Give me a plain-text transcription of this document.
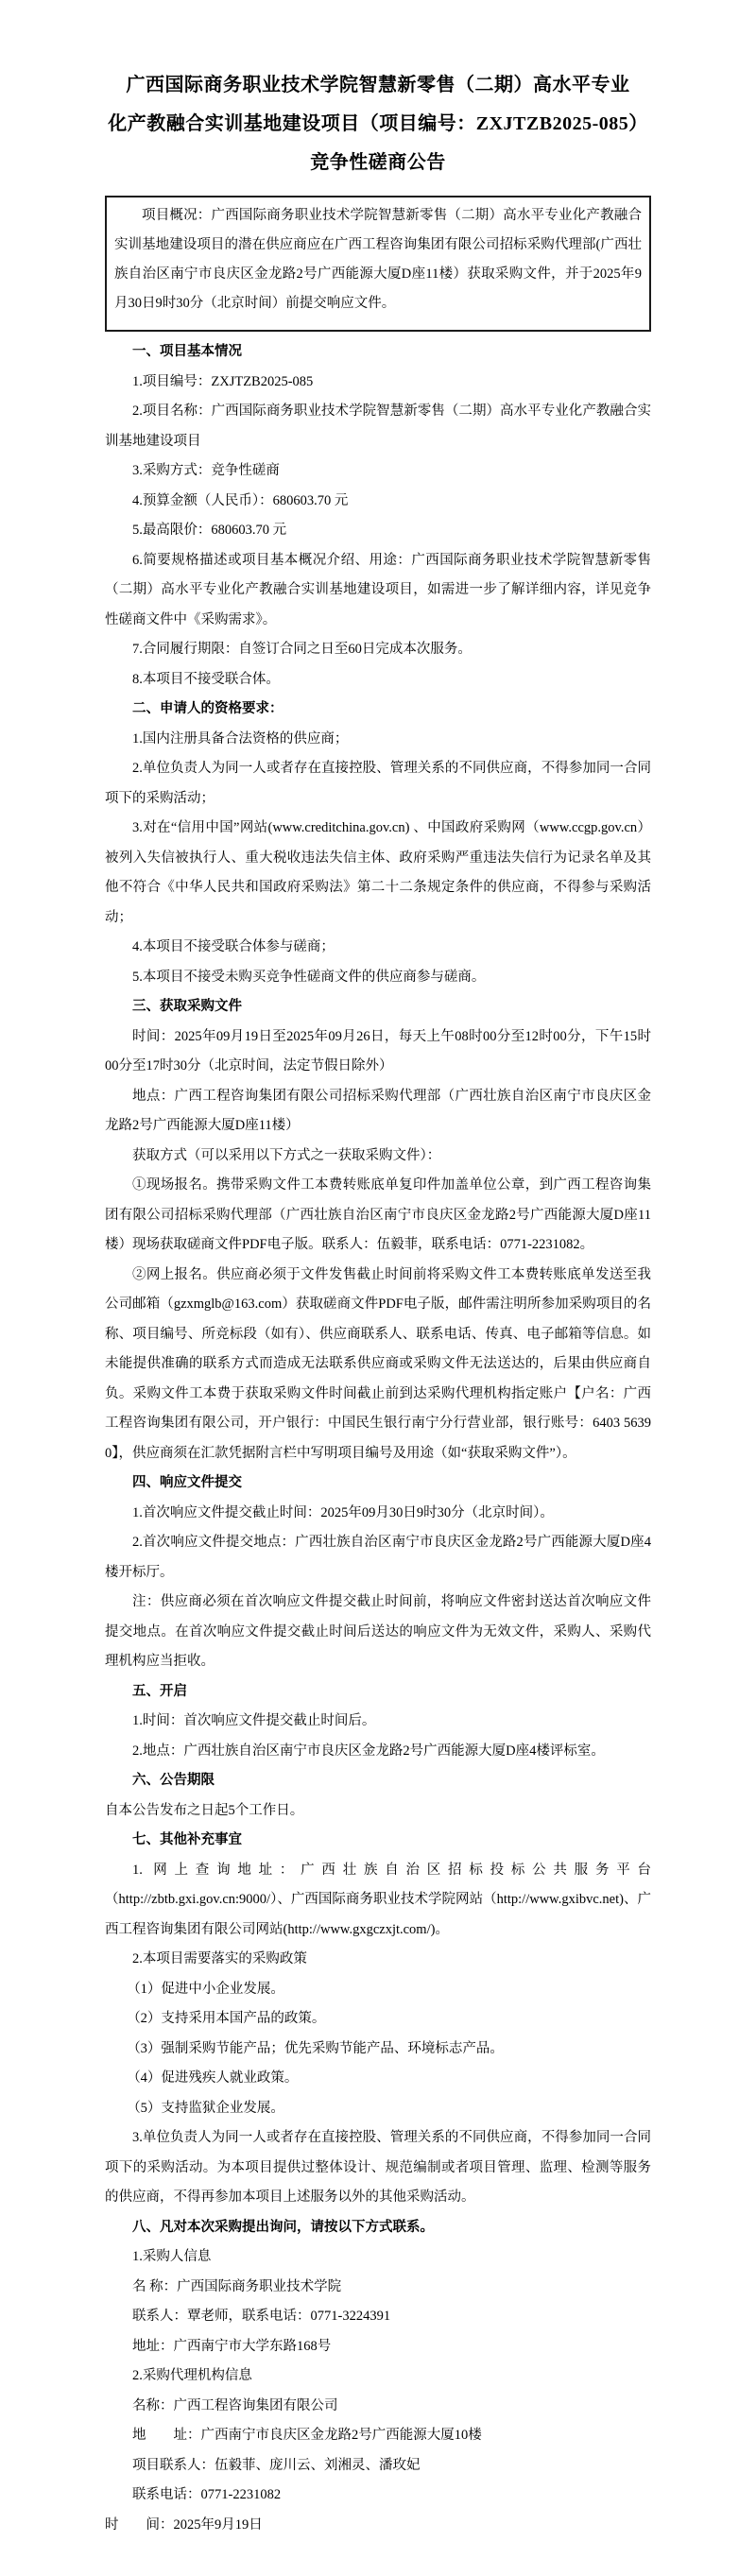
广西国际商务职业技术学院智慧新零售（二期）高水平专业
化产教融合实训基地建设项目（项目编号：ZXJTZB2025-085）
竞争性磋商公告

项目概况：广西国际商务职业技术学院智慧新零售（二期）高水平专业化产教融合实训基地建设项目的潜在供应商应在广西工程咨询集团有限公司招标采购代理部(广西壮族自治区南宁市良庆区金龙路2号广西能源大厦D座11楼）获取采购文件，并于2025年9月30日9时30分（北京时间）前提交响应文件。

一、项目基本情况

1.项目编号：ZXJTZB2025-085

2.项目名称：广西国际商务职业技术学院智慧新零售（二期）高水平专业化产教融合实训基地建设项目

3.采购方式：竞争性磋商

4.预算金额（人民币）：680603.70 元

5.最高限价：680603.70 元

6.简要规格描述或项目基本概况介绍、用途：广西国际商务职业技术学院智慧新零售（二期）高水平专业化产教融合实训基地建设项目，如需进一步了解详细内容，详见竞争性磋商文件中《采购需求》。

7.合同履行期限：自签订合同之日至60日完成本次服务。

8.本项目不接受联合体。

二、申请人的资格要求：

1.国内注册具备合法资格的供应商；

2.单位负责人为同一人或者存在直接控股、管理关系的不同供应商，不得参加同一合同项下的采购活动；

3.对在“信用中国”网站(www.creditchina.gov.cn) 、中国政府采购网（www.ccgp.gov.cn）被列入失信被执行人、重大税收违法失信主体、政府采购严重违法失信行为记录名单及其他不符合《中华人民共和国政府采购法》第二十二条规定条件的供应商，不得参与采购活动；

4.本项目不接受联合体参与磋商；

5.本项目不接受未购买竞争性磋商文件的供应商参与磋商。

三、获取采购文件

时间：2025年09月19日至2025年09月26日，每天上午08时00分至12时00分，下午15时00分至17时30分（北京时间，法定节假日除外）

地点：广西工程咨询集团有限公司招标采购代理部（广西壮族自治区南宁市良庆区金龙路2号广西能源大厦D座11楼）

获取方式（可以采用以下方式之一获取采购文件）：

①现场报名。携带采购文件工本费转账底单复印件加盖单位公章，到广西工程咨询集团有限公司招标采购代理部（广西壮族自治区南宁市良庆区金龙路2号广西能源大厦D座11楼）现场获取磋商文件PDF电子版。联系人：伍毅菲，联系电话：0771-2231082。

②网上报名。供应商必须于文件发售截止时间前将采购文件工本费转账底单发送至我公司邮箱（gzxmglb@163.com）获取磋商文件PDF电子版，邮件需注明所参加采购项目的名称、项目编号、所竞标段（如有）、供应商联系人、联系电话、传真、电子邮箱等信息。如未能提供准确的联系方式而造成无法联系供应商或采购文件无法送达的，后果由供应商自负。采购文件工本费于获取采购文件时间截止前到达采购代理机构指定账户【户名：广西工程咨询集团有限公司，开户银行：中国民生银行南宁分行营业部，银行账号：6403 5639 0】，供应商须在汇款凭据附言栏中写明项目编号及用途（如“获取采购文件”）。

四、响应文件提交

1.首次响应文件提交截止时间：2025年09月30日9时30分（北京时间）。

2.首次响应文件提交地点：广西壮族自治区南宁市良庆区金龙路2号广西能源大厦D座4楼开标厅。

注：供应商必须在首次响应文件提交截止时间前，将响应文件密封送达首次响应文件提交地点。在首次响应文件提交截止时间后送达的响应文件为无效文件，采购人、采购代理机构应当拒收。

五、开启

1.时间：首次响应文件提交截止时间后。

2.地点：广西壮族自治区南宁市良庆区金龙路2号广西能源大厦D座4楼评标室。

六、公告期限

自本公告发布之日起5个工作日。

七、其他补充事宜

1. 网上查询地址：广西壮族自治区招标投标公共服务平台（http://zbtb.gxi.gov.cn:9000/）、广西国际商务职业技术学院网站（http://www.gxibvc.net)、广西工程咨询集团有限公司网站(http://www.gxgczxjt.com/)。

2.本项目需要落实的采购政策

（1）促进中小企业发展。

（2）支持采用本国产品的政策。

（3）强制采购节能产品；优先采购节能产品、环境标志产品。

（4）促进残疾人就业政策。

（5）支持监狱企业发展。

3.单位负责人为同一人或者存在直接控股、管理关系的不同供应商，不得参加同一合同项下的采购活动。为本项目提供过整体设计、规范编制或者项目管理、监理、检测等服务的供应商，不得再参加本项目上述服务以外的其他采购活动。

八、凡对本次采购提出询问，请按以下方式联系。

1.采购人信息

名 称：广西国际商务职业技术学院

联系人：覃老师，联系电话：0771-3224391

地址：广西南宁市大学东路168号

2.采购代理机构信息

名称：广西工程咨询集团有限公司

地　　址：广西南宁市良庆区金龙路2号广西能源大厦10楼

项目联系人：伍毅菲、庞川云、刘湘灵、潘玫妃

联系电话：0771-2231082

时　　间：2025年9月19日
